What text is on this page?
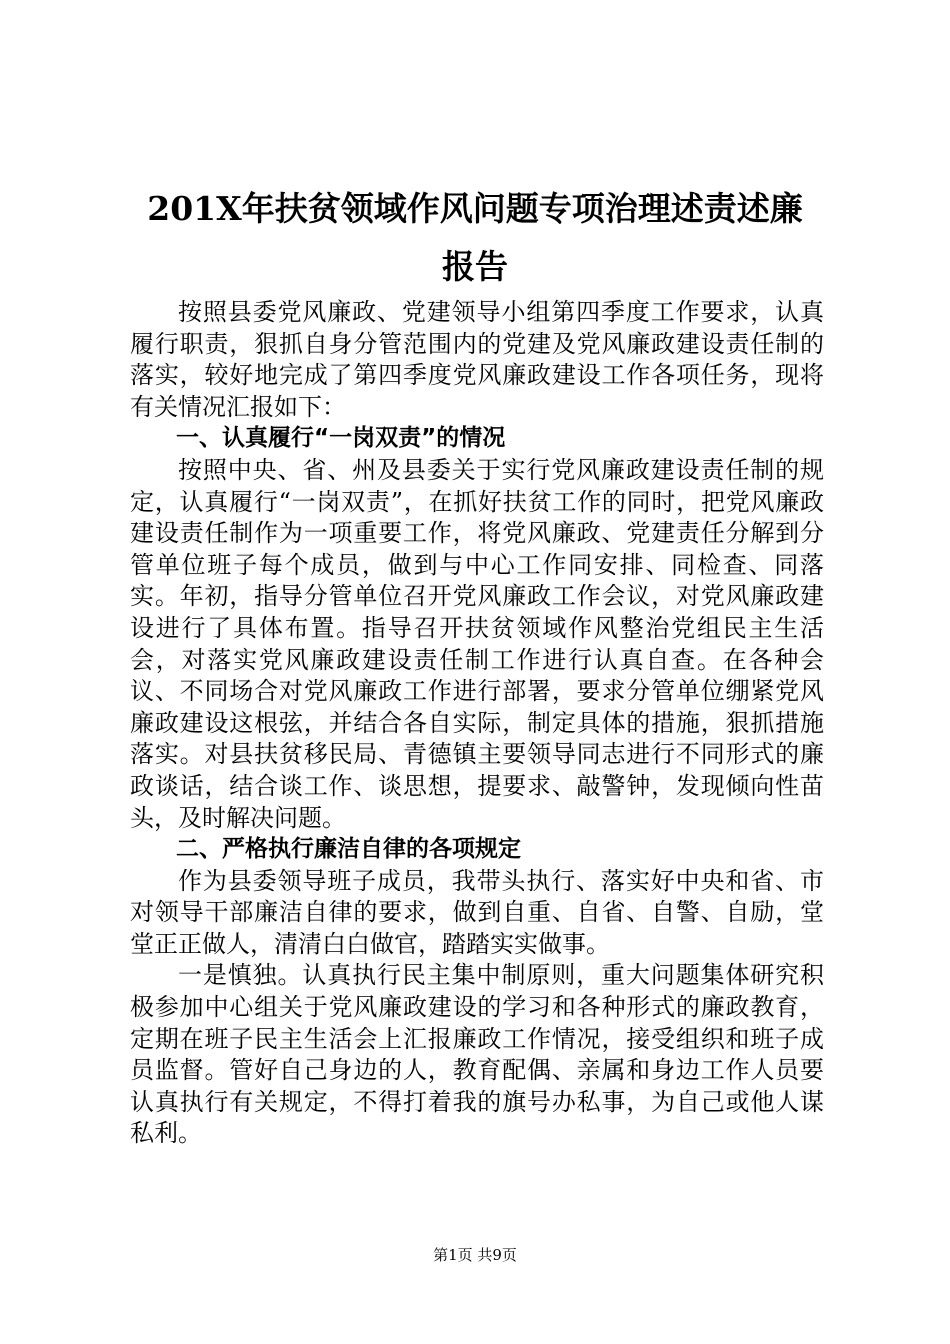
201X年扶贫领域作风问题专项治理述责述廉
报告

按照县委党风廉政、党建领导小组第四季度工作要求，认真履行职责，狠抓自身分管范围内的党建及党风廉政建设责任制的落实，较好地完成了第四季度党风廉政建设工作各项任务，现将有关情况汇报如下：

一、认真履行“一岗双责”的情况

按照中央、省、州及县委关于实行党风廉政建设责任制的规定，认真履行“一岗双责”，在抓好扶贫工作的同时，把党风廉政建设责任制作为一项重要工作，将党风廉政、党建责任分解到分管单位班子每个成员，做到与中心工作同安排、同检查、同落实。年初，指导分管单位召开党风廉政工作会议，对党风廉政建设进行了具体布置。指导召开扶贫领域作风整治党组民主生活会，对落实党风廉政建设责任制工作进行认真自查。在各种会议、不同场合对党风廉政工作进行部署，要求分管单位绷紧党风廉政建设这根弦，并结合各自实际，制定具体的措施，狠抓措施落实。对县扶贫移民局、青德镇主要领导同志进行不同形式的廉政谈话，结合谈工作、谈思想，提要求、敲警钟，发现倾向性苗头，及时解决问题。

二、严格执行廉洁自律的各项规定

作为县委领导班子成员，我带头执行、落实好中央和省、市对领导干部廉洁自律的要求，做到自重、自省、自警、自励，堂堂正正做人，清清白白做官，踏踏实实做事。

一是慎独。认真执行民主集中制原则，重大问题集体研究积极参加中心组关于党风廉政建设的学习和各种形式的廉政教育，定期在班子民主生活会上汇报廉政工作情况，接受组织和班子成员监督。管好自己身边的人，教育配偶、亲属和身边工作人员要认真执行有关规定，不得打着我的旗号办私事，为自己或他人谋私利。

第1页 共9页
